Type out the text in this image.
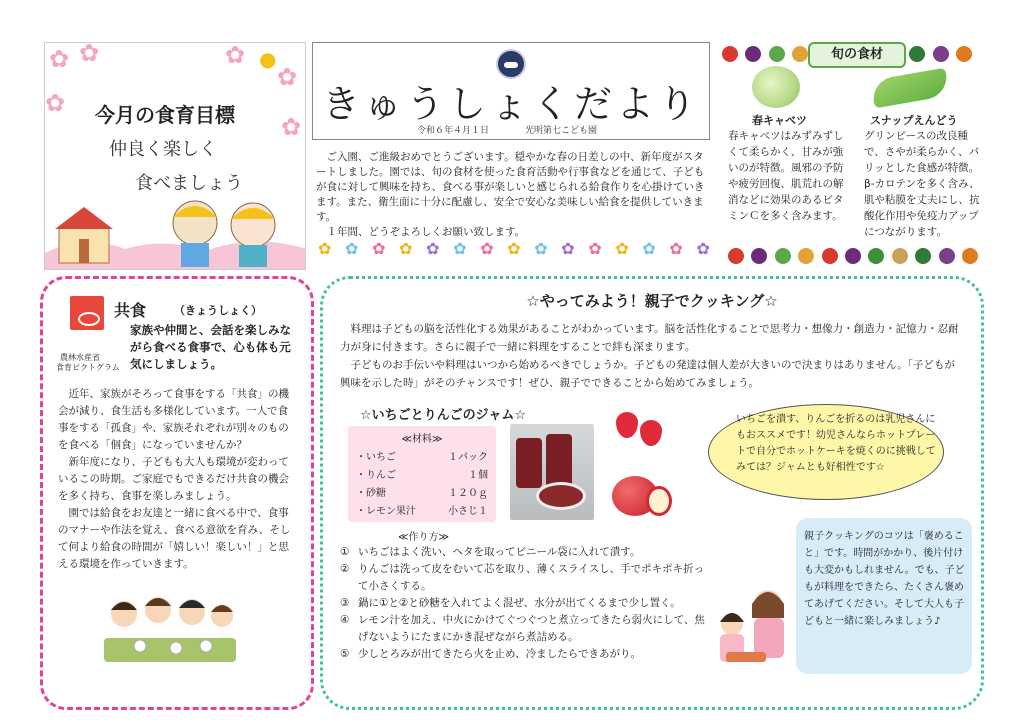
✿ ✿	✿
✿
✿
✿
●
今月の食育目標
仲良く楽しく
食べましょう
きゅうしょくだより
令和６年４月１日	光明第七こども園

ご入園、ご進級おめでとうございます。穏やかな春の日差しの中、新年度がスタートしました。園では、旬の食材を使った食育活動や行事食などを通じて、子どもが食に対して興味を持ち、食べる事が楽しいと感じられる給食作りを心掛けていきます。また、衛生面に十分に配慮し、安全で安心な美味しい給食を提供していきます。

１年間、どうぞよろしくお願い致します。

✿ ✿ ✿ ✿ ✿ ✿ ✿ ✿ ✿ ✿ ✿ ✿ ✿ ✿ ✿
旬の食材
春キャベツ	スナップえんどう
春キャベツはみずみずしくて柔らかく、甘みが強いのが特徴。風邪の予防や疲労回復、肌荒れの解消などに効果のあるビタミンＣを多く含みます。
グリンピースの改良種で、さやが柔らかく、パリッとした食感が特徴。β-カロテンを多く含み、肌や粘膜を丈夫にし、抗酸化作用や免疫力アップにつながります。
農林水産省
食育ピクトグラム
共食	（きょうしょく）
家族や仲間と、会話を楽しみながら食べる食事で、心も体も元気にしましょう。

近年、家族がそろって食事をする「共食」の機会が減り、食生活も多様化しています。一人で食事をする「孤食」や、家族それぞれが別々のものを食べる「個食」になっていませんか？

新年度になり、子どもも大人も環境が変わっているこの時期。ご家庭でもできるだけ共食の機会を多く持ち、食事を楽しみましょう。

園では給食をお友達と一緒に食べる中で、食事のマナーや作法を覚え、食べる意欲を育み、そして何より給食の時間が「嬉しい！楽しい！」と思える環境を作っていきます。

☆やってみよう！親子でクッキング☆

料理は子どもの脳を活性化する効果があることがわかっています。脳を活性化することで思考力・想像力・創造力・記憶力・忍耐力が身に付きます。さらに親子で一緒に料理をすることで絆も深まります。

子どものお手伝いや料理はいつから始めるべきでしょうか。子どもの発達は個人差が大きいので決まりはありません。「子どもが興味を示した時」がそのチャンスです！ぜひ、親子でできることから始めてみましょう。

☆いちごとりんごのジャム☆
≪材料≫
・いちご	１パック
・りんご	１個
・砂糖	１２０ｇ
・レモン果汁	小さじ１
いちごを潰す、りんごを折るのは乳児さんにもおススメです！幼児さんならホットプレートで自分でホットケーキを焼くのに挑戦してみては？ジャムとも好相性です☆
≪作り方≫
① いちごはよく洗い、ヘタを取ってビニール袋に入れて潰す。
② りんごは洗って皮をむいて芯を取り、薄くスライスし、手でポキポキ折って小さくする。
③ 鍋に①と②と砂糖を入れてよく混ぜ、水分が出てくるまで少し置く。
④ レモン汁を加え、中火にかけてぐつぐつと煮立ってきたら弱火にして、焦げないようにたまにかき混ぜながら煮詰める。
⑤ 少しとろみが出てきたら火を止め、冷ましたらできあがり。
親子クッキングのコツは「褒めること」です。時間がかかり、後片付けも大変かもしれません。でも、子どもが料理をできたら、たくさん褒めてあげてください。そして大人も子どもと一緒に楽しみましょう♪
